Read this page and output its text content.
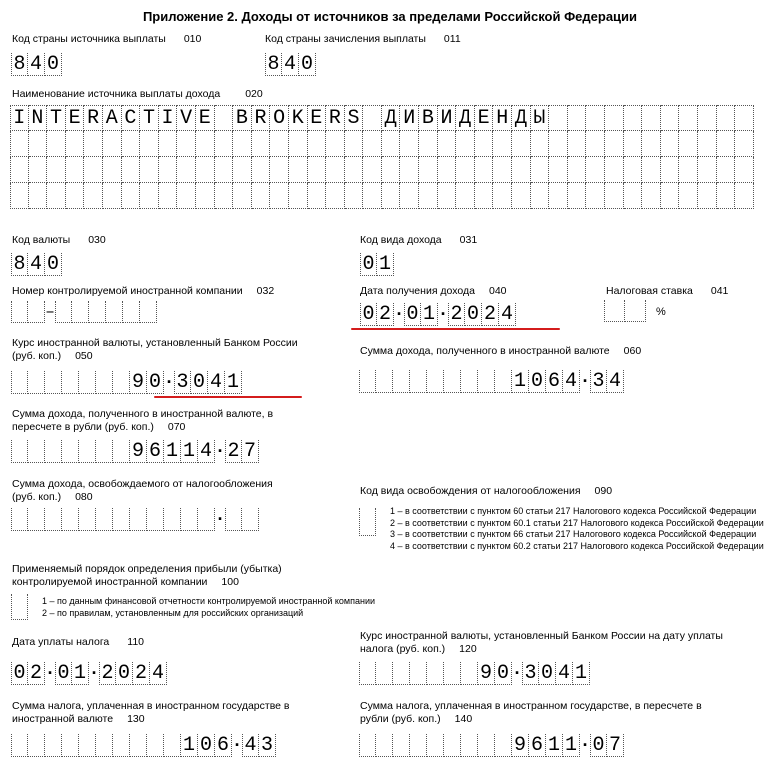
Приложение 2. Доходы от источников за пределами Российской Федерации
Код страны источника выплаты 010
8 4 0
Код страны зачисления выплаты 011
8 4 0
Наименование источника выплаты дохода 020
I N T E R A C T I V E B R O K E R S Д И В И Д Е Н Д Ы
Код валюты 030
8 4 0
Код вида дохода 031
0 1
Номер контролируемой иностранной компании 032
–
Дата получения дохода 040
0 2 · 0 1 · 2 0 2 4
Налоговая ставка 041
%
Курс иностранной валюты, установленный Банком России
(руб. коп.) 050
9 0 · 3 0 4 1
Сумма дохода, полученного в иностранной валюте 060
1 0 6 4 · 3 4
Сумма дохода, полученного в иностранной валюте, в
пересчете в рубли (руб. коп.) 070
9 6 1 1 4 · 2 7
Сумма дохода, освобождаемого от налогообложения
(руб. коп.) 080
·
Код вида освобождения от налогообложения 090
1 – в соответствии с пунктом 60 статьи 217 Налогового кодекса Российской Федерации
2 – в соответствии с пунктом 60.1 статьи 217 Налогового кодекса Российской Федерации
3 – в соответствии с пунктом 66 статьи 217 Налогового кодекса Российской Федерации
4 – в соответствии с пунктом 60.2 статьи 217 Налогового кодекса Российской Федерации
Применяемый порядок определения прибыли (убытка)
контролируемой иностранной компании 100
1 – по данным финансовой отчетности контролируемой иностранной компании
2 – по правилам, установленным для российских организаций
Дата уплаты налога 110
0 2 · 0 1 · 2 0 2 4
Курс иностранной валюты, установленный Банком России на дату уплаты
налога (руб. коп.) 120
9 0 · 3 0 4 1
Сумма налога, уплаченная в иностранном государстве в
иностранной валюте 130
1 0 6 · 4 3
Сумма налога, уплаченная в иностранном государстве, в пересчете в
рубли (руб. коп.) 140
9 6 1 1 · 0 7
